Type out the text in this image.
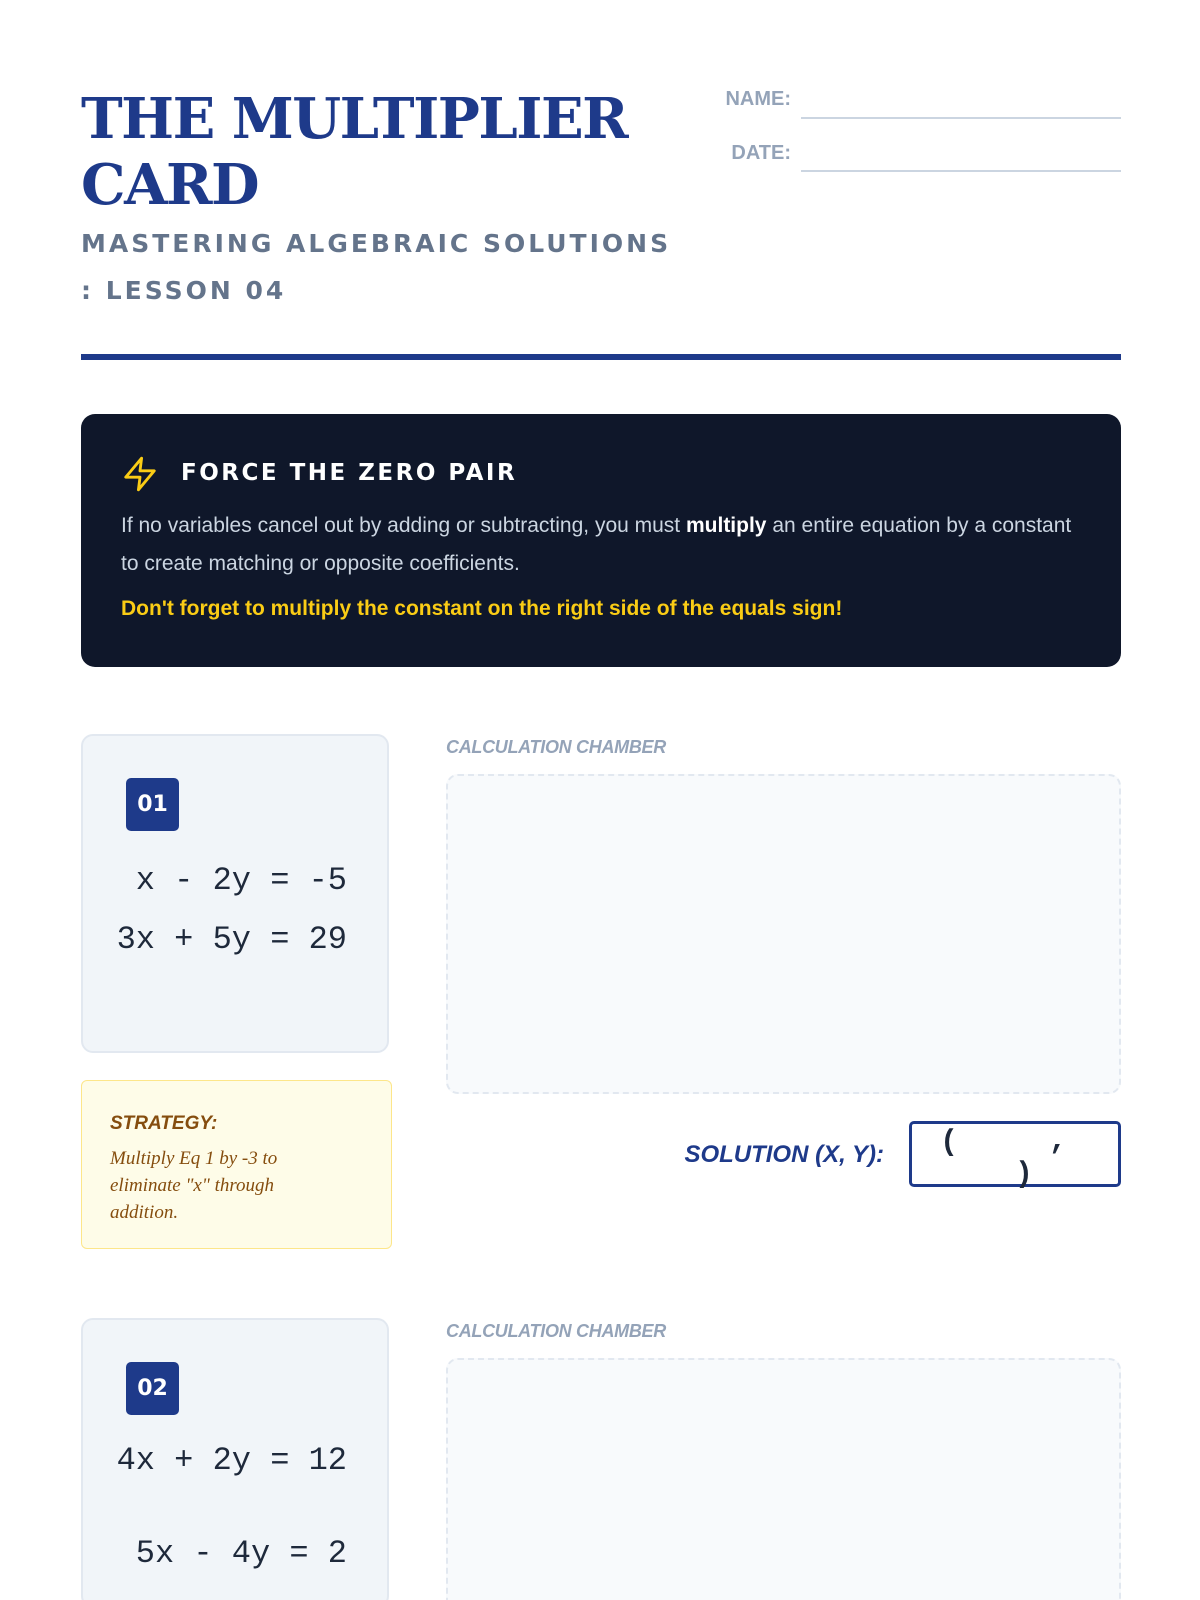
THE MULTIPLIER CARD

MASTERING ALGEBRAIC SOLUTIONS : LESSON 04

NAME:
DATE:
FORCE THE ZERO PAIR

If no variables cancel out by adding or subtracting, you must multiply an entire equation by a constant to create matching or opposite coefficients.

Don't forget to multiply the constant on the right side of the equals sign!

01
x - 2y = -5
3x + 5y = 29
STRATEGY:

Multiply Eq 1 by -3 to eliminate "x" through addition.

CALCULATION CHAMBER
SOLUTION (X, Y): (	,
)
02
4x + 2y = 12
5x - 4y = 2
CALCULATION CHAMBER
